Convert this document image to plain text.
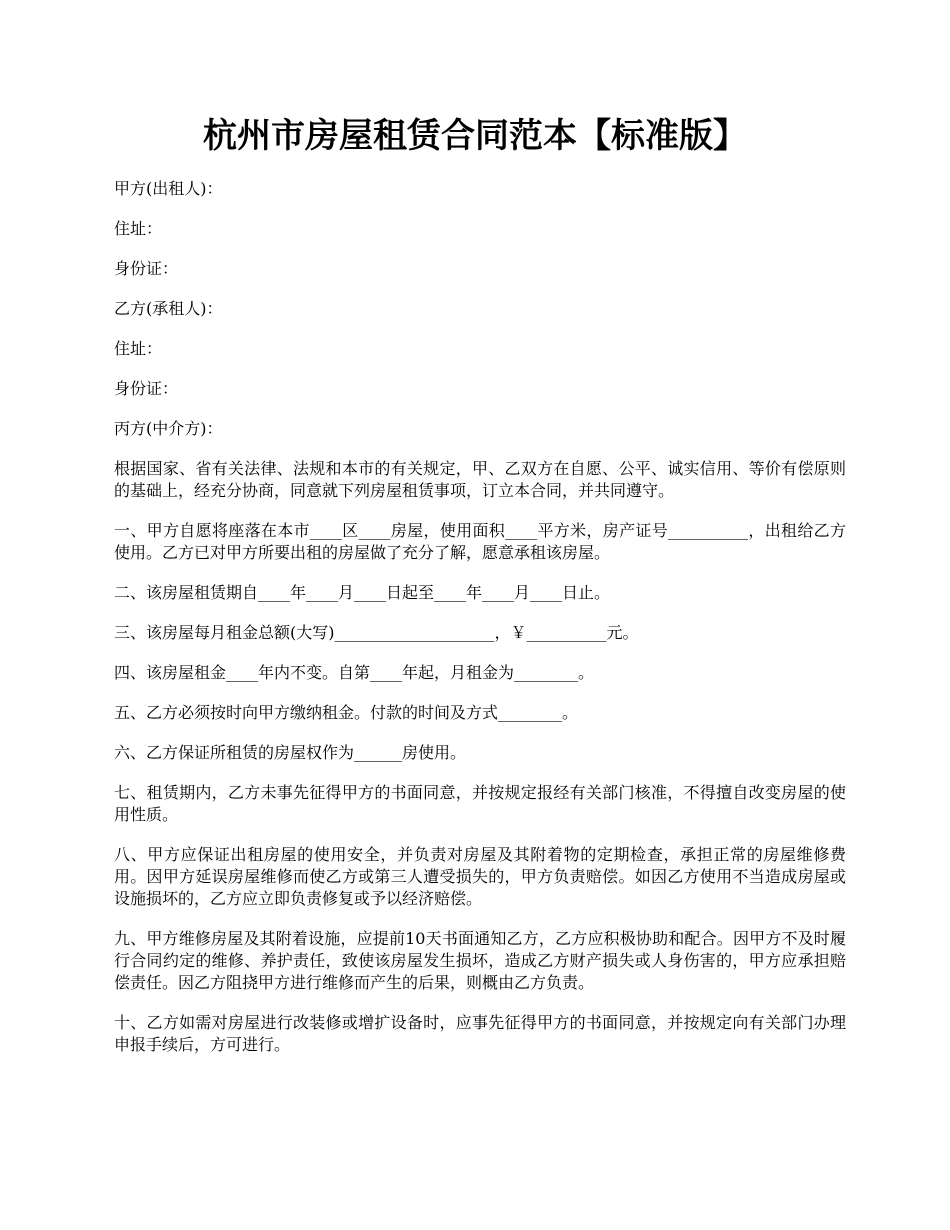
杭州市房屋租赁合同范本【标准版】

甲方(出租人)：

住址：

身份证：

乙方(承租人)：

住址：

身份证：

丙方(中介方)：

根据国家、省有关法律、法规和本市的有关规定，甲、乙双方在自愿、公平、诚实信用、等价有偿原则的基础上，经充分协商，同意就下列房屋租赁事项，订立本合同，并共同遵守。

一、甲方自愿将座落在本市____区____房屋，使用面积____平方米，房产证号__________，出租给乙方使用。乙方已对甲方所要出租的房屋做了充分了解，愿意承租该房屋。

二、该房屋租赁期自____年____月____日起至____年____月____日止。

三、该房屋每月租金总额(大写)____________________，￥__________元。

四、该房屋租金____年内不变。自第____年起，月租金为________。

五、乙方必须按时向甲方缴纳租金。付款的时间及方式________。

六、乙方保证所租赁的房屋权作为______房使用。

七、租赁期内，乙方未事先征得甲方的书面同意，并按规定报经有关部门核准，不得擅自改变房屋的使用性质。

八、甲方应保证出租房屋的使用安全，并负责对房屋及其附着物的定期检查，承担正常的房屋维修费用。因甲方延误房屋维修而使乙方或第三人遭受损失的，甲方负责赔偿。如因乙方使用不当造成房屋或设施损坏的，乙方应立即负责修复或予以经济赔偿。

九、甲方维修房屋及其附着设施，应提前10天书面通知乙方，乙方应积极协助和配合。因甲方不及时履行合同约定的维修、养护责任，致使该房屋发生损坏，造成乙方财产损失或人身伤害的，甲方应承担赔偿责任。因乙方阻挠甲方进行维修而产生的后果，则概由乙方负责。

十、乙方如需对房屋进行改装修或增扩设备时，应事先征得甲方的书面同意，并按规定向有关部门办理申报手续后，方可进行。
